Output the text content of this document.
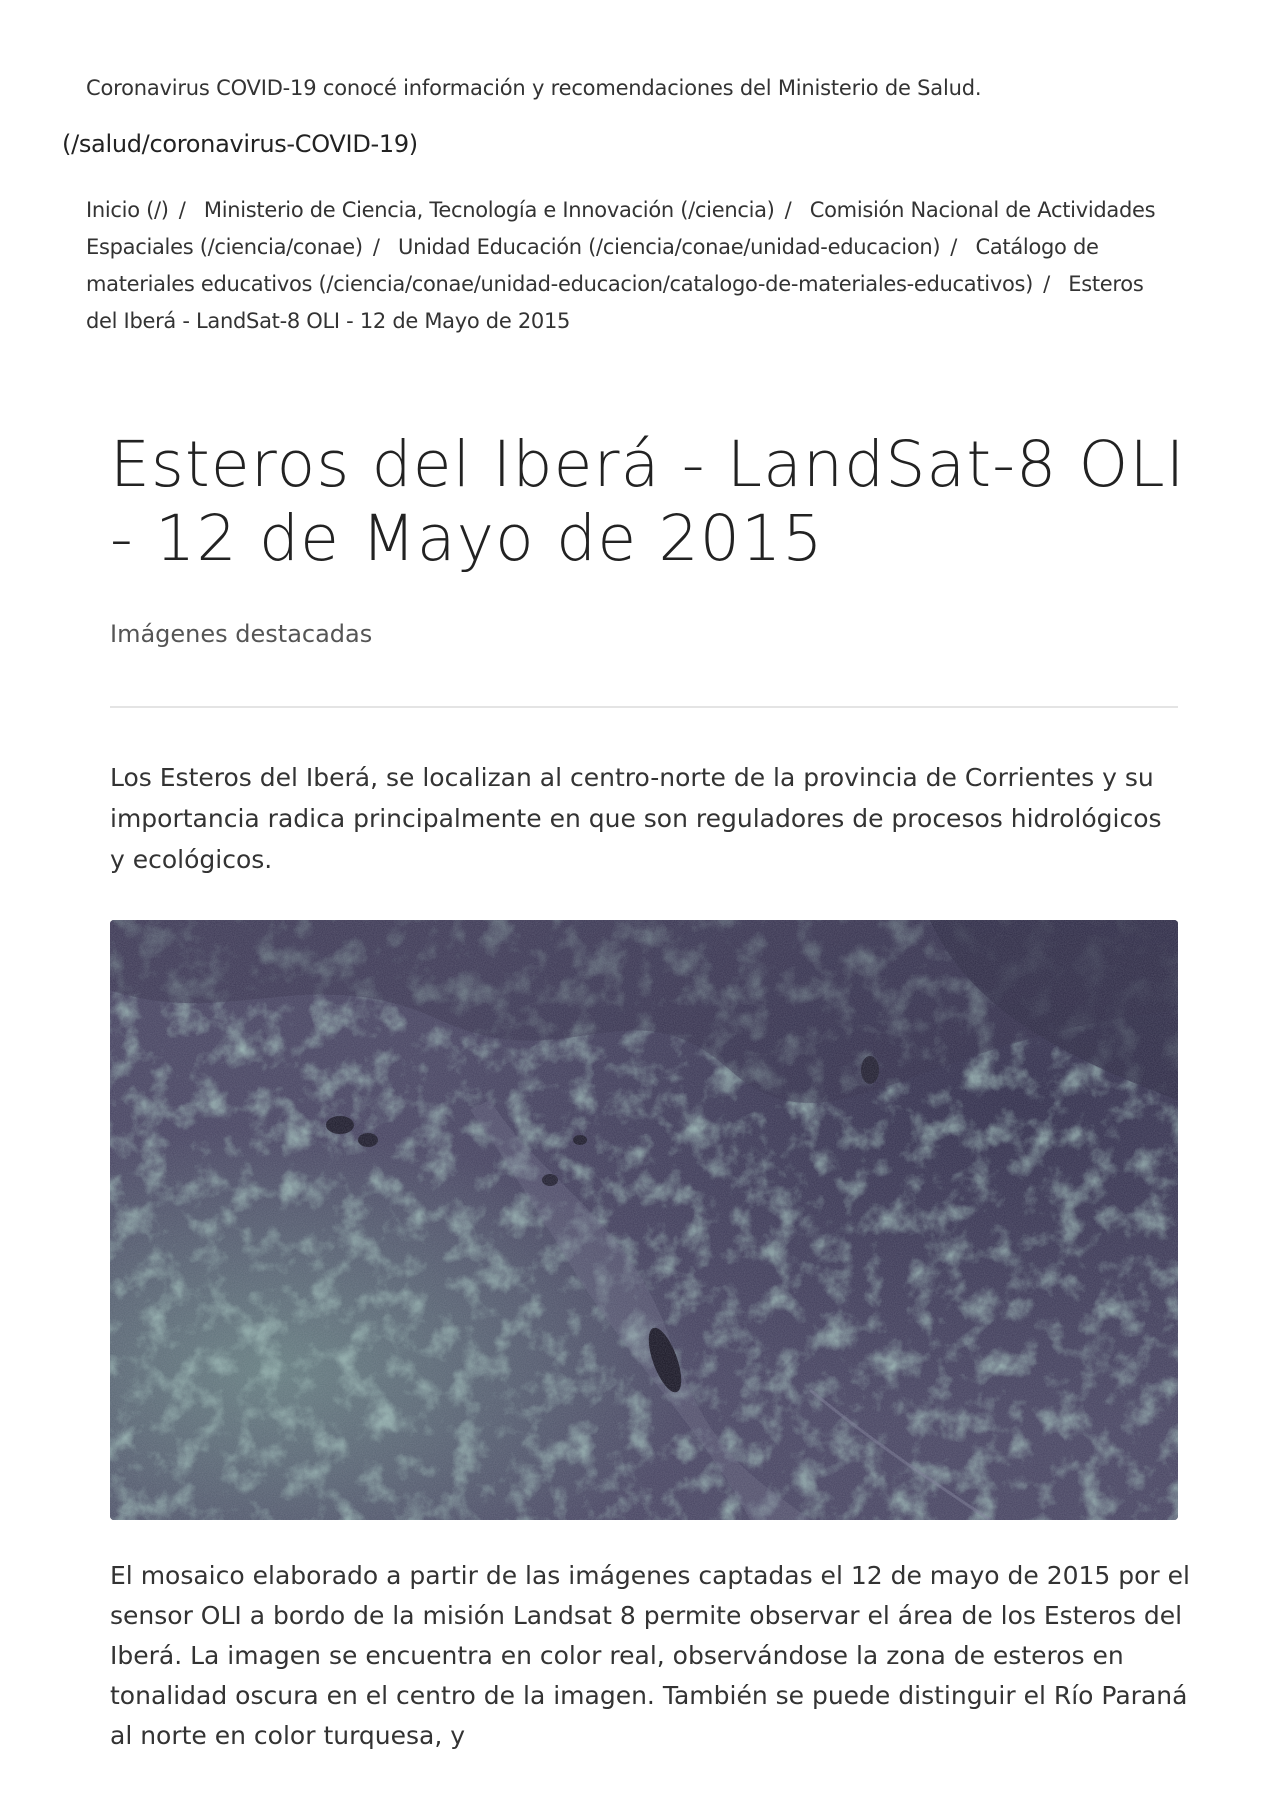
Coronavirus COVID-19 conocé información y recomendaciones del Ministerio de Salud.
(/salud/coronavirus-COVID-19)
Inicio (/) / Ministerio de Ciencia, Tecnología e Innovación (/ciencia) / Comisión Nacional de Actividades Espaciales (/ciencia/conae) / Unidad Educación (/ciencia/conae/unidad-educacion) / Catálogo de materiales educativos (/ciencia/conae/unidad-educacion/catalogo-de-materiales-educativos) / Esteros del Iberá - LandSat-8 OLI - 12 de Mayo de 2015
Esteros del Iberá - LandSat-8 OLI - 12 de Mayo de 2015
Imágenes destacadas

Los Esteros del Iberá, se localizan al centro-norte de la provincia de Corrientes y su importancia radica principalmente en que son reguladores de procesos hidrológicos y ecológicos.

El mosaico elaborado a partir de las imágenes captadas el 12 de mayo de 2015 por el sensor OLI a bordo de la misión Landsat 8 permite observar el área de los Esteros del Iberá. La imagen se encuentra en color real, observándose la zona de esteros en tonalidad oscura en el centro de la imagen. También se puede distinguir el Río Paraná al norte en color turquesa, y
